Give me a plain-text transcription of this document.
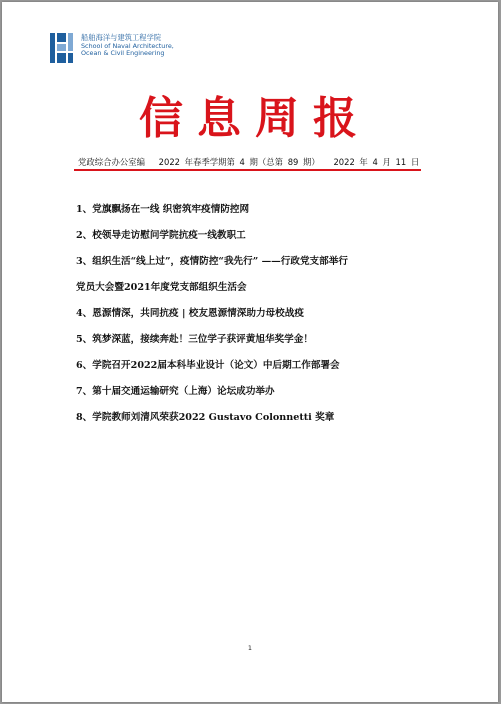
船舶海洋与建筑工程学院
School of Naval Architecture,
Ocean & Civil Engineering
信息周报
党政综合办公室编 2022 年春季学期第 4 期（总第 89 期） 2022 年 4 月 11 日
1、党旗飘扬在一线 织密筑牢疫情防控网
2、校领导走访慰问学院抗疫一线教职工
3、组织生活“线上过”，疫情防控“我先行” ——行政党支部举行
党员大会暨2021年度党支部组织生活会
4、恩源情深，共同抗疫 | 校友恩源情深助力母校战疫
5、筑梦深蓝，接续奔赴！三位学子获评黄旭华奖学金！
6、学院召开2022届本科毕业设计（论文）中后期工作部署会
7、第十届交通运输研究（上海）论坛成功举办
8、学院教师刘清风荣获2022 Gustavo Colonnetti 奖章
1
